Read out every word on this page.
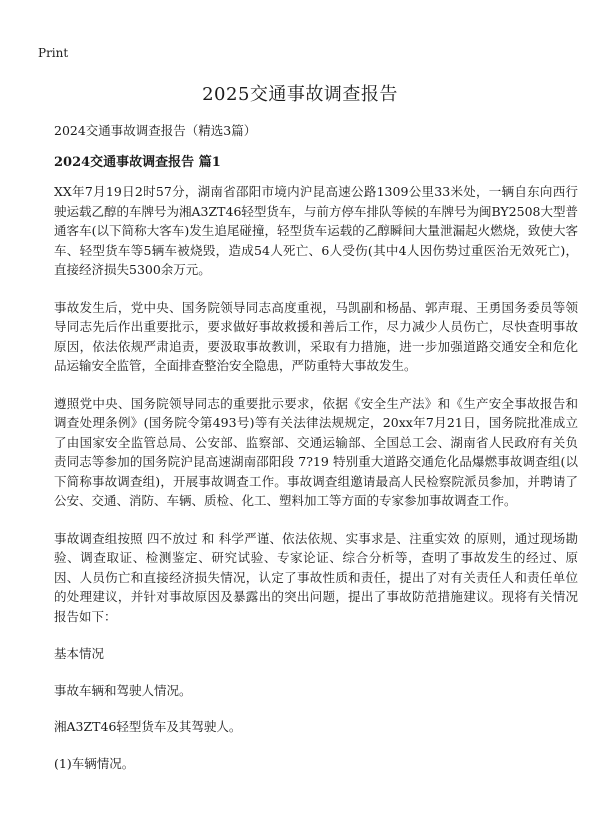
Print
2025交通事故调查报告
2024交通事故调查报告（精选3篇）
2024交通事故调查报告 篇1

XX年7月19日2时57分，湖南省邵阳市境内沪昆高速公路1309公里33米处，一辆自东向西行驶运载乙醇的车牌号为湘A3ZT46轻型货车，与前方停车排队等候的车牌号为闽BY2508大型普通客车(以下简称大客车)发生追尾碰撞，轻型货车运载的乙醇瞬间大量泄漏起火燃烧，致使大客车、轻型货车等5辆车被烧毁，造成54人死亡、6人受伤(其中4人因伤势过重医治无效死亡)，直接经济损失5300余万元。

事故发生后，党中央、国务院领导同志高度重视，马凯副和杨晶、郭声琨、王勇国务委员等领导同志先后作出重要批示，要求做好事故救援和善后工作，尽力减少人员伤亡，尽快查明事故原因，依法依规严肃追责，要汲取事故教训，采取有力措施，进一步加强道路交通安全和危化品运输安全监管，全面排查整治安全隐患，严防重特大事故发生。

遵照党中央、国务院领导同志的重要批示要求，依据《安全生产法》和《生产安全事故报告和调查处理条例》(国务院令第493号)等有关法律法规规定，20xx年7月21日，国务院批准成立了由国家安全监管总局、公安部、监察部、交通运输部、全国总工会、湖南省人民政府有关负责同志等参加的国务院沪昆高速湖南邵阳段 7?19 特别重大道路交通危化品爆燃事故调查组(以下简称事故调查组)，开展事故调查工作。事故调查组邀请最高人民检察院派员参加，并聘请了公安、交通、消防、车辆、质检、化工、塑料加工等方面的专家参加事故调查工作。

事故调查组按照 四不放过 和 科学严谨、依法依规、实事求是、注重实效 的原则，通过现场勘验、调查取证、检测鉴定、研究试验、专家论证、综合分析等，查明了事故发生的经过、原因、人员伤亡和直接经济损失情况，认定了事故性质和责任，提出了对有关责任人和责任单位的处理建议，并针对事故原因及暴露出的突出问题，提出了事故防范措施建议。现将有关情况报告如下：

基本情况

事故车辆和驾驶人情况。

湘A3ZT46轻型货车及其驾驶人。

(1)车辆情况。
